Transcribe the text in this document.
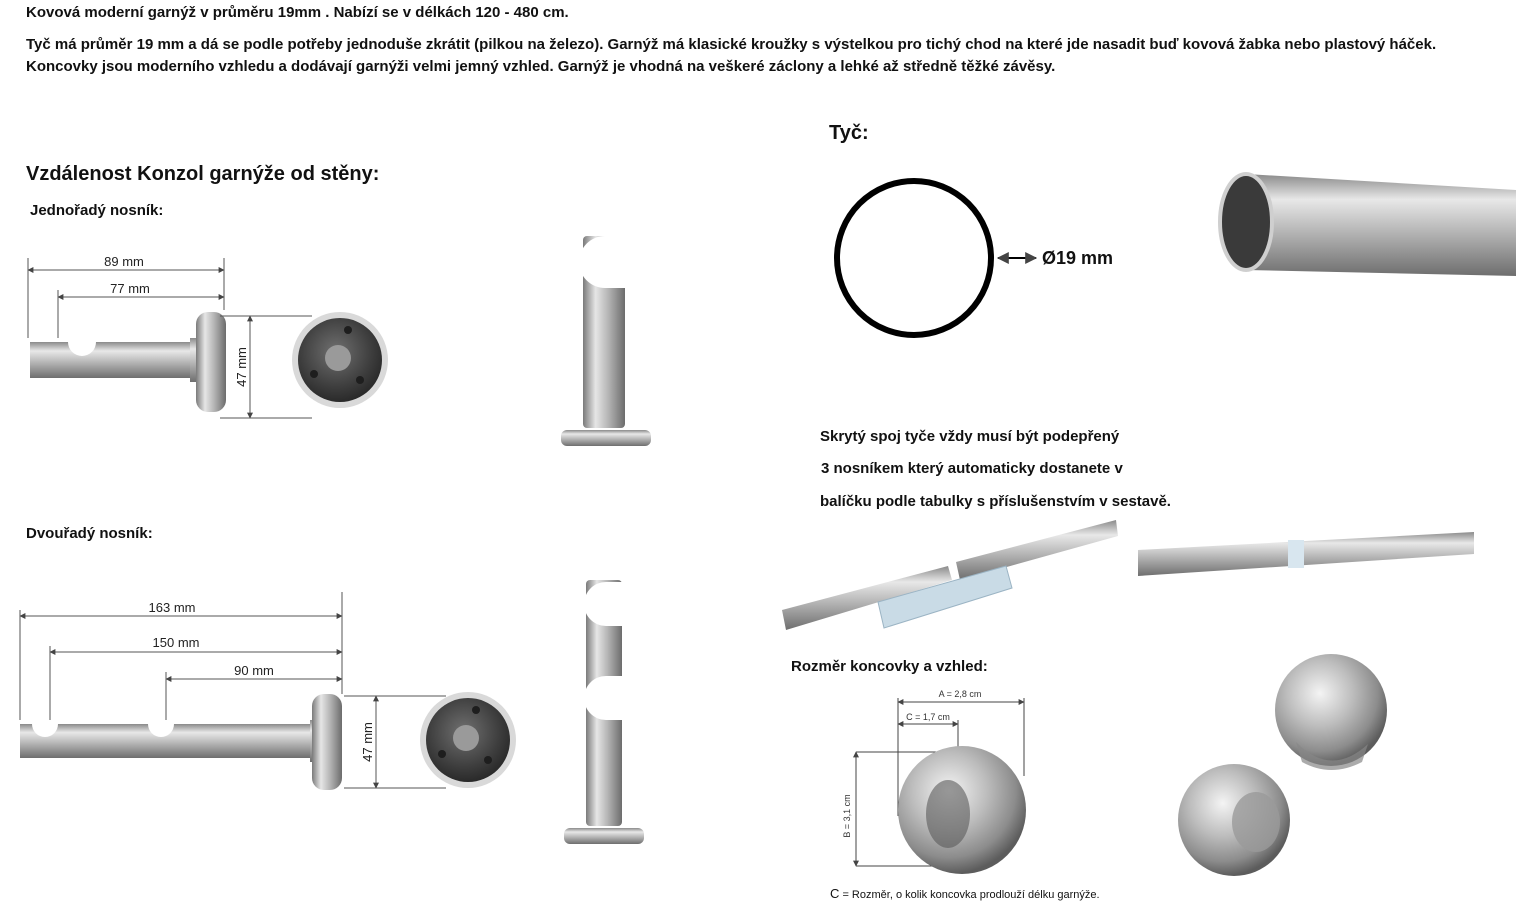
Kovová moderní garnýž v průměru 19mm . Nabízí se v délkách 120 - 480 cm.
Tyč má průměr 19 mm a dá se podle potřeby jednoduše zkrátit (pilkou na železo). Garnýž má klasické kroužky s výstelkou pro tichý chod na které jde nasadit buď kovová žabka nebo plastový háček.
Koncovky jsou moderního vzhledu a dodávají garnýži velmi jemný vzhled. Garnýž je vhodná na veškeré záclony a lehké až středně těžké závěsy.
Vzdálenost Konzol garnýže od stěny:
Jednořadý nosník:
Dvouřadý nosník:
89 mm
77 mm
47 mm
163 mm
150 mm
90 mm
47 mm
Tyč:
Ø19 mm
Skrytý spoj tyče vždy musí být podepřený
3 nosníkem který automaticky dostanete v
balíčku podle tabulky s příslušenstvím v sestavě.
Rozměr koncovky a vzhled:
A = 2,8 cm
C = 1,7 cm
B = 3,1 cm
C = Rozměr, o kolik koncovka prodlouží délku garnýže.
